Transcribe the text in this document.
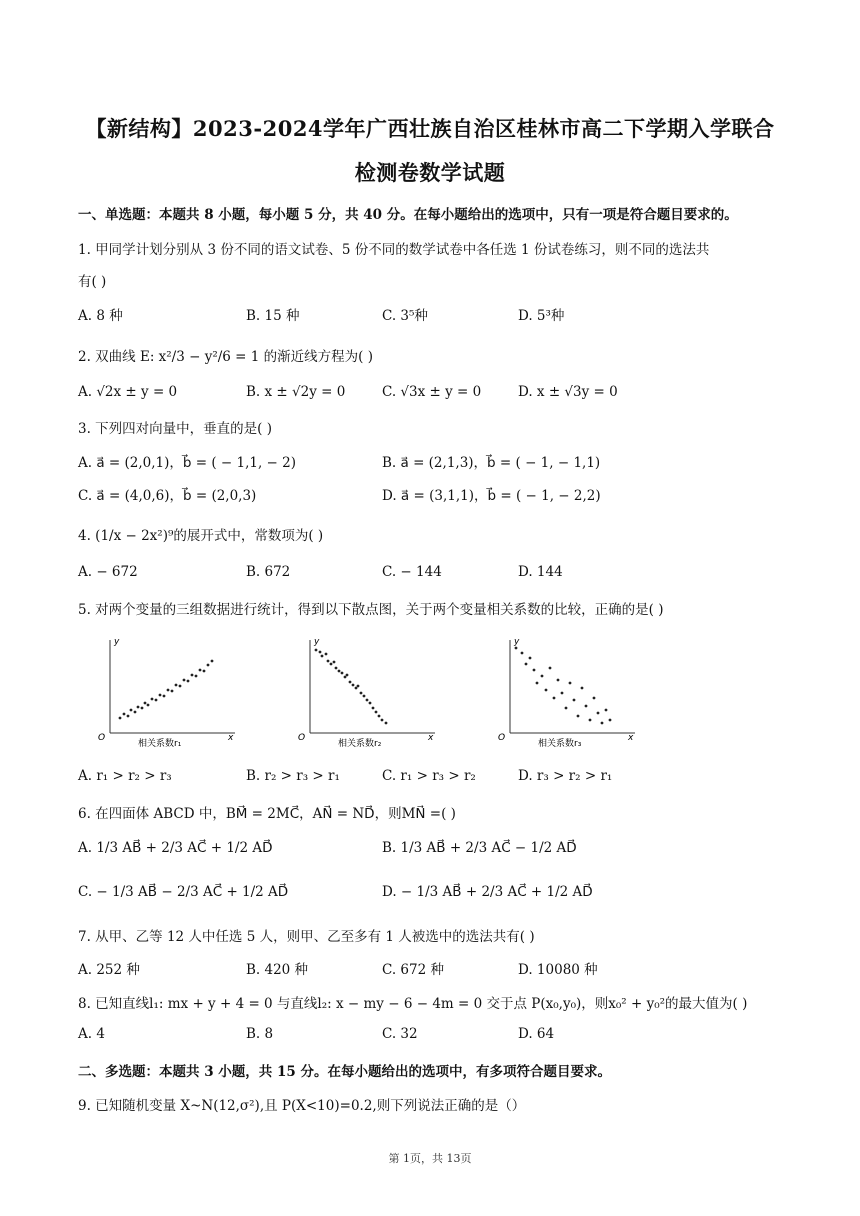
【新结构】2023-2024学年广西壮族自治区桂林市高二下学期入学联合
检测卷数学试题
一、单选题：本题共 8 小题，每小题 5 分，共 40 分。在每小题给出的选项中，只有一项是符合题目要求的。
1. 甲同学计划分别从 3 份不同的语文试卷、5 份不同的数学试卷中各任选 1 份试卷练习，则不同的选法共
有( )
A. 8 种	B. 15 种	C. 3⁵种	D. 5³种
2. 双曲线 E: x²/3 − y²/6 = 1 的渐近线方程为( )
A. √2x ± y = 0	B. x ± √2y = 0	C. √3x ± y = 0	D. x ± √3y = 0
3. 下列四对向量中，垂直的是( )
A. a⃗ = (2,0,1)，b⃗ = ( − 1,1, − 2)	B. a⃗ = (2,1,3)，b⃗ = ( − 1, − 1,1)
C. a⃗ = (4,0,6)，b⃗ = (2,0,3)	D. a⃗ = (3,1,1)，b⃗ = ( − 1, − 2,2)
4. (1/x − 2x²)⁹的展开式中，常数项为( )
A. − 672	B. 672	C. − 144	D. 144
5. 对两个变量的三组数据进行统计，得到以下散点图，关于两个变量相关系数的比较，正确的是( )
y
x
O
相关系数r₁
y
x
O
相关系数r₂
y
x
O
相关系数r₃
A. r₁ > r₂ > r₃	B. r₂ > r₃ > r₁	C. r₁ > r₃ > r₂	D. r₃ > r₂ > r₁
6. 在四面体 ABCD 中，BM⃗ = 2MC⃗，AN⃗ = ND⃗，则MN⃗ =( )
A. 1/3 AB⃗ + 2/3 AC⃗ + 1/2 AD⃗	B. 1/3 AB⃗ + 2/3 AC⃗ − 1/2 AD⃗
C. − 1/3 AB⃗ − 2/3 AC⃗ + 1/2 AD⃗	D. − 1/3 AB⃗ + 2/3 AC⃗ + 1/2 AD⃗
7. 从甲、乙等 12 人中任选 5 人，则甲、乙至多有 1 人被选中的选法共有( )
A. 252 种	B. 420 种	C. 672 种	D. 10080 种
8. 已知直线l₁: mx + y + 4 = 0 与直线l₂: x − my − 6 − 4m = 0 交于点 P(x₀,y₀)，则x₀² + y₀²的最大值为( )
A. 4	B. 8	C. 32	D. 64
二、多选题：本题共 3 小题，共 15 分。在每小题给出的选项中，有多项符合题目要求。
9. 已知随机变量 X~N(12,σ²),且 P(X<10)=0.2,则下列说法正确的是（）
第 1页，共 13页
